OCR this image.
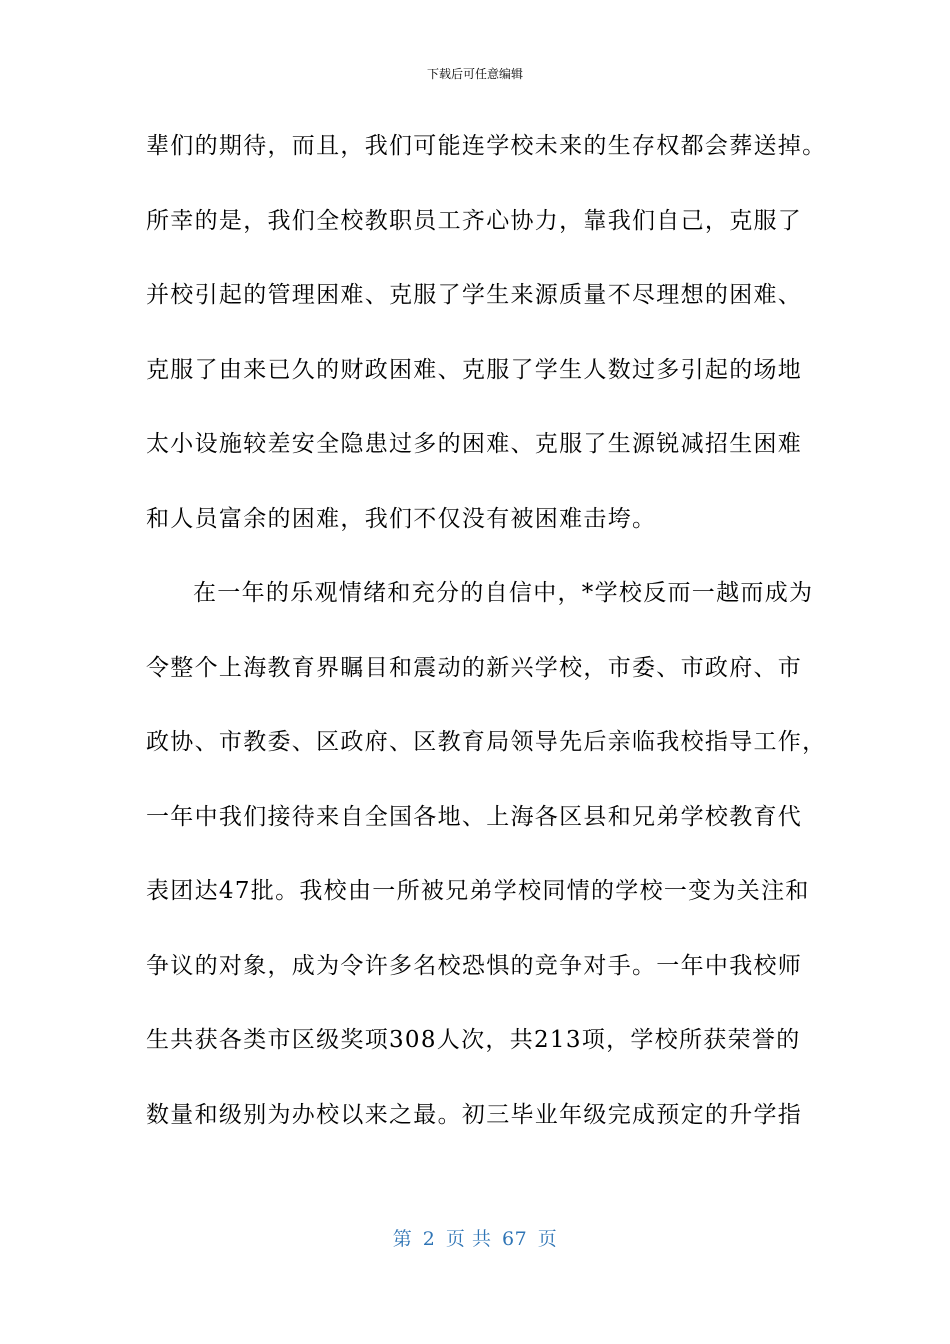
下载后可任意编辑
辈们的期待，而且，我们可能连学校未来的生存权都会葬送掉。
所幸的是，我们全校教职员工齐心协力，靠我们自己，克服了
并校引起的管理困难、克服了学生来源质量不尽理想的困难、
克服了由来已久的财政困难、克服了学生人数过多引起的场地
太小设施较差安全隐患过多的困难、克服了生源锐减招生困难
和人员富余的困难，我们不仅没有被困难击垮。
在一年的乐观情绪和充分的自信中，*学校反而一越而成为
令整个上海教育界瞩目和震动的新兴学校，市委、市政府、市
政协、市教委、区政府、区教育局领导先后亲临我校指导工作，
一年中我们接待来自全国各地、上海各区县和兄弟学校教育代
表团达47批。我校由一所被兄弟学校同情的学校一变为关注和
争议的对象，成为令许多名校恐惧的竞争对手。一年中我校师
生共获各类市区级奖项308人次，共213项，学校所获荣誉的
数量和级别为办校以来之最。初三毕业年级完成预定的升学指
第 2 页 共 67 页
